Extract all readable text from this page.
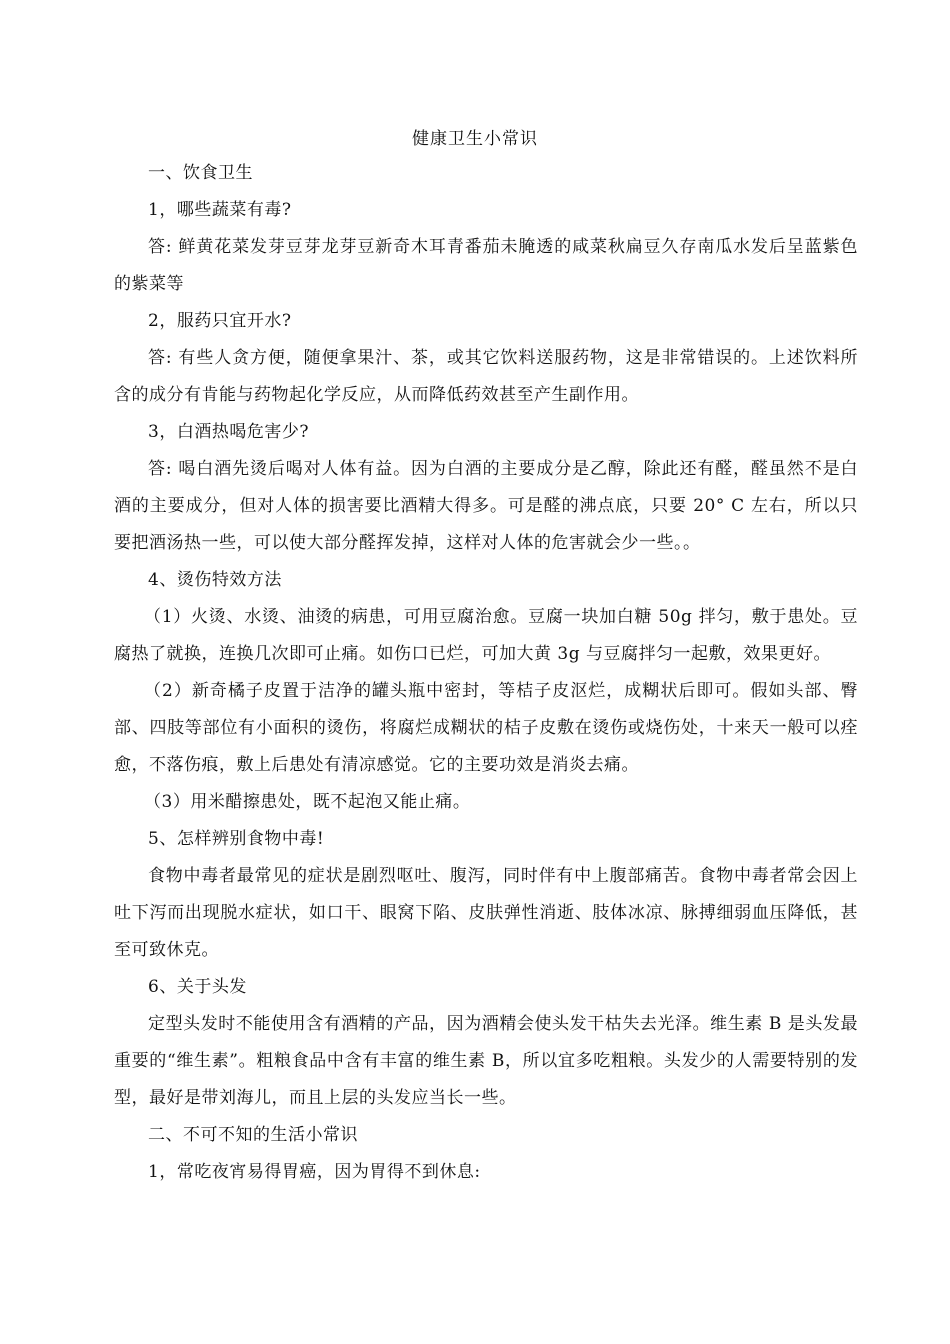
健康卫生小常识

一、饮食卫生

1，哪些蔬菜有毒?

答: 鲜黄花菜发芽豆芽龙芽豆新奇木耳青番茄未腌透的咸菜秋扁豆久存南瓜水发后呈蓝紫色的紫菜等

2，服药只宜开水?

答: 有些人贪方便，随便拿果汁、茶，或其它饮料送服药物，这是非常错误的。上述饮料所含的成分有肯能与药物起化学反应，从而降低药效甚至产生副作用。

3，白酒热喝危害少?

答: 喝白酒先烫后喝对人体有益。因为白酒的主要成分是乙醇，除此还有醛，醛虽然不是白酒的主要成分，但对人体的损害要比酒精大得多。可是醛的沸点底，只要 20° C 左右，所以只要把酒汤热一些，可以使大部分醛挥发掉，这样对人体的危害就会少一些。。

4、烫伤特效方法

（1）火烫、水烫、油烫的病患，可用豆腐治愈。豆腐一块加白糖 50g 拌匀，敷于患处。豆腐热了就换，连换几次即可止痛。如伤口已烂，可加大黄 3g 与豆腐拌匀一起敷，效果更好。

（2）新奇橘子皮置于洁净的罐头瓶中密封，等桔子皮沤烂，成糊状后即可。假如头部、臀部、四肢等部位有小面积的烫伤，将腐烂成糊状的桔子皮敷在烫伤或烧伤处，十来天一般可以痊愈，不落伤痕，敷上后患处有清凉感觉。它的主要功效是消炎去痛。

（3）用米醋擦患处，既不起泡又能止痛。

5、怎样辨别食物中毒!

食物中毒者最常见的症状是剧烈呕吐、腹泻，同时伴有中上腹部痛苦。食物中毒者常会因上吐下泻而出现脱水症状，如口干、眼窝下陷、皮肤弹性消逝、肢体冰凉、脉搏细弱血压降低，甚至可致休克。

6、关于头发

定型头发时不能使用含有酒精的产品，因为酒精会使头发干枯失去光泽。维生素 B 是头发最重要的“维生素”。粗粮食品中含有丰富的维生素 B，所以宜多吃粗粮。头发少的人需要特别的发型，最好是带刘海儿，而且上层的头发应当长一些。

二、不可不知的生活小常识

1，常吃夜宵易得胃癌，因为胃得不到休息:
